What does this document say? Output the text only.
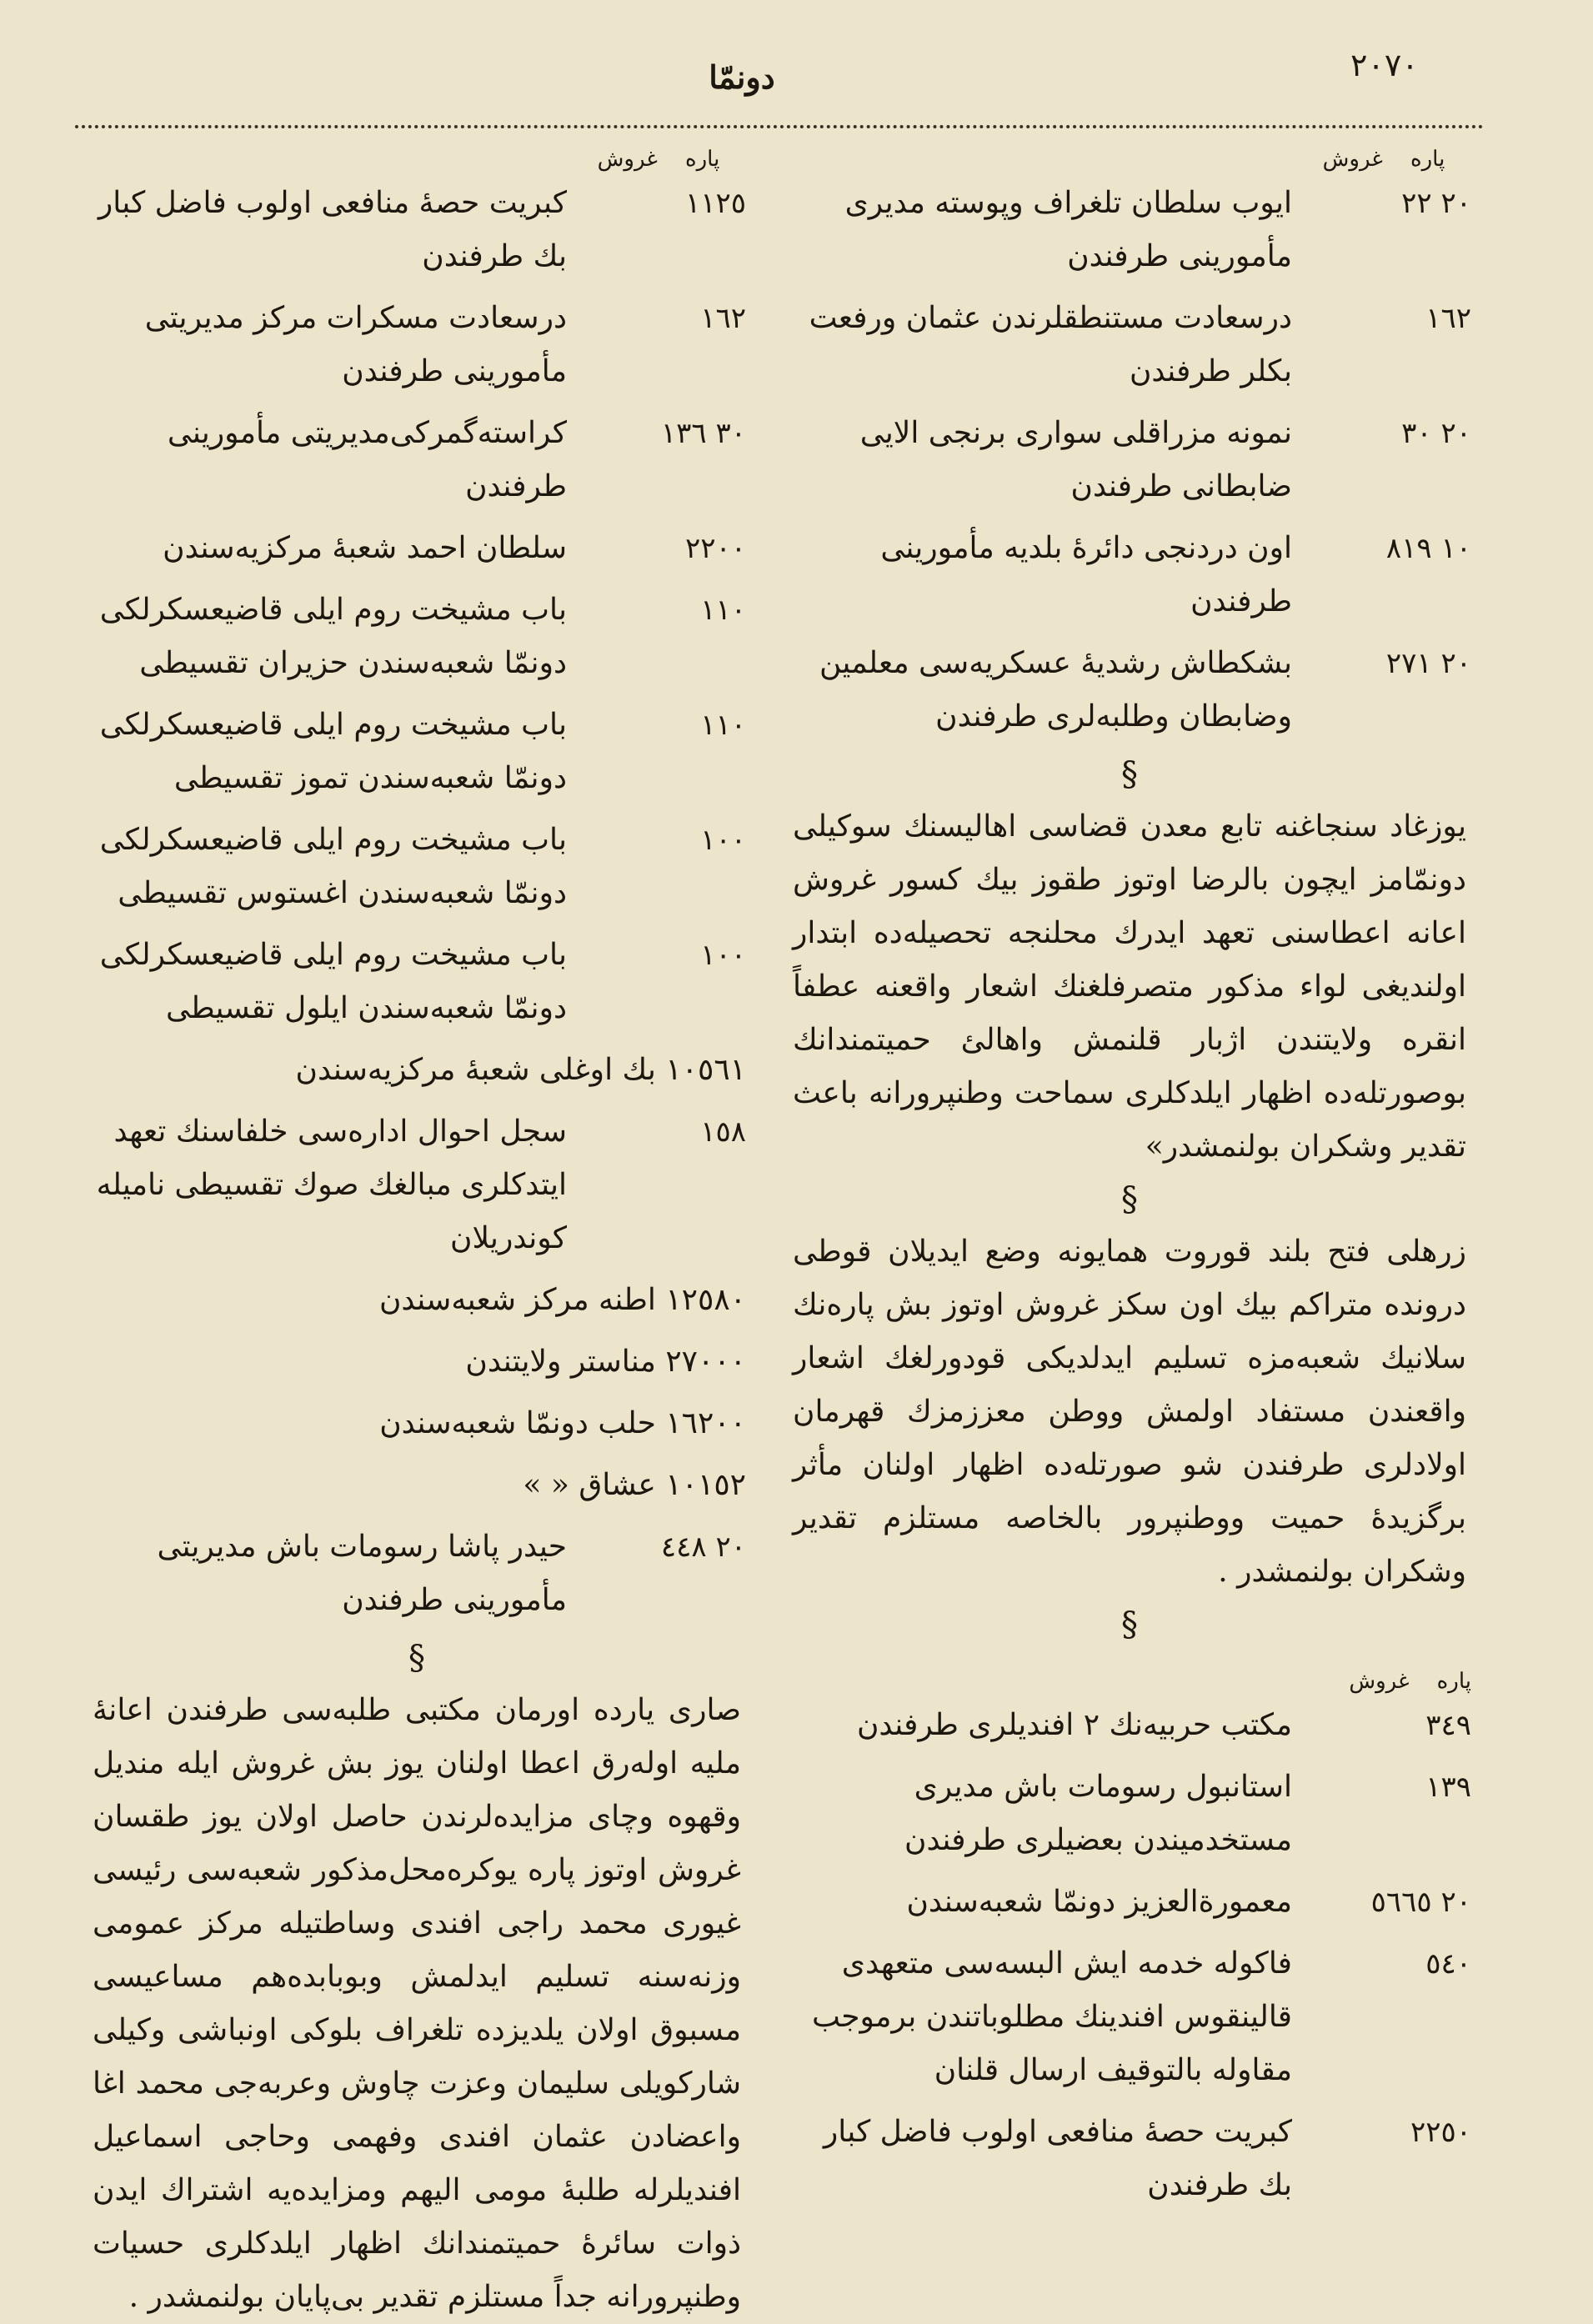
٢٠٧٠
دونمّا
پاره    غروش
٢٠ ٢٢
ایوب سلطان تلغراف وپوسته مدیری مأمورینی طرفندن
١٦٢
درسعادت مستنطقلرندن عثمان ورفعت بکلر طرفندن
٢٠ ٣٠
نمونه مزراقلی سواری برنجی الایی ضابطانی طرفندن
١٠ ٨١٩
اون دردنجی دائرهٔ بلدیه مأمورینی طرفندن
٢٠ ٢٧١
بشکطاش رشدیهٔ عسکریه‌سی معلمین وضابطان وطلبه‌لری طرفندن
§
یوزغاد سنجاغنه تابع معدن قضاسی اهالیسنك سوکیلی دونمّامز ایچون بالرضا اوتوز طقوز بیك کسور غروش اعانه اعطاسنی تعهد ایدرك محلنجه تحصیله‌ده ابتدار اولندیغی لواء مذکور متصرفلغنك اشعار واقعنه عطفاً انقره ولایتندن اژبار قلنمش واهالئ حمیتمندانك بوصورتله‌ده اظهار ایلدکلری سماحت وطنپرورانه باعث تقدیر وشکران بولنمشدر»
§
زرهلی فتح بلند قوروت همایونه وضع ایدیلان قوطی درونده متراکم بیك اون سکز غروش اوتوز بش پاره‌نك سلانیك شعبه‌مزه تسلیم ایدلدیکی قودورلغك اشعار واقعندن مستفاد اولمش ووطن معززمزك قهرمان اولادلری طرفندن شو صورتله‌ده اظهار اولنان مأثر برگزیدهٔ حمیت ووطنپرور بالخاصه مستلزم تقدیر وشکران بولنمشدر .
§
پاره    غروش
٣٤٩
مکتب حربیه‌نك ٢ افندیلری طرفندن
١٣٩
استانبول رسومات باش مدیری مستخدمیندن بعضیلری طرفندن
٢٠ ٥٦٦٥
معمورة‌العزیز دونمّا شعبه‌سندن
٥٤٠
فاکوله خدمه ایش البسه‌سی متعهدی قالینقوس افندینك مطلوباتندن برموجب مقاوله بالتوقیف ارسال قلنان
٢٢٥٠
کبریت حصهٔ منافعی اولوب فاضل کبار بك طرفندن
پاره    غروش
١١٢٥
کبریت حصهٔ منافعی اولوب فاضل کبار بك طرفندن
١٦٢
درسعادت مسکرات مرکز مدیریتی مأمورینی طرفندن
٣٠ ١٣٦
کراسته‌گمرکی‌مدیریتی مأمورینی طرفندن
٢٢٠٠
سلطان احمد شعبهٔ مرکزیه‌سندن
١١٠
باب مشیخت روم ایلی قاضیعسکرلکی دونمّا شعبه‌سندن حزیران تقسیطی
١١٠
باب مشیخت روم ایلی قاضیعسکرلکی دونمّا شعبه‌سندن تموز تقسیطی
١٠٠
باب مشیخت روم ایلی قاضیعسکرلکی دونمّا شعبه‌سندن اغستوس تقسیطی
١٠٠
باب مشیخت روم ایلی قاضیعسکرلکی دونمّا شعبه‌سندن ایلول تقسیطی
١٠٥٦١ بك اوغلی شعبهٔ مرکزیه‌سندن
١٥٨
سجل احوال اداره‌سی خلفاسنك تعهد ایتدکلری مبالغك صوك تقسیطی ناميله کوندریلان
١٢٥٨٠ اطنه مرکز شعبه‌سندن
٢٧٠٠٠ مناستر ولایتندن
١٦٢٠٠ حلب دونمّا شعبه‌سندن
١٠١٥٢ عشاق « »
٢٠ ٤٤٨
حیدر پاشا رسومات باش مدیریتی مأمورینی طرفندن
§
صاری یارده اورمان مکتبی طلبه‌سی طرفندن اعانهٔ ملیه اوله‌رق اعطا اولنان یوز بش غروش ایله مندیل وقهوه وچای مزایده‌لرندن حاصل اولان یوز طقسان غروش اوتوز پاره یوکره‌محل‌مذکور شعبه‌سی رئیسی غیوری محمد راجی افندی وساطتیله مرکز عمومی وزنه‌سنه تسلیم ایدلمش وبوبابده‌هم مساعیسی مسبوق اولان یلدیزده تلغراف بلوکی اونباشی وکیلی شارکویلی سلیمان وعزت چاوش وعربه‌جی محمد اغا واعضادن عثمان افندی وفهمی وحاجی اسماعیل افندیلرله طلبهٔ مومی الیهم ومزایده‌یه اشتراك ایدن ذوات سائرهٔ حمیتمندانك اظهار ایلدکلری حسیات وطنپرورانه جداً مستلزم تقدیر بی‌پایان بولنمشدر .
